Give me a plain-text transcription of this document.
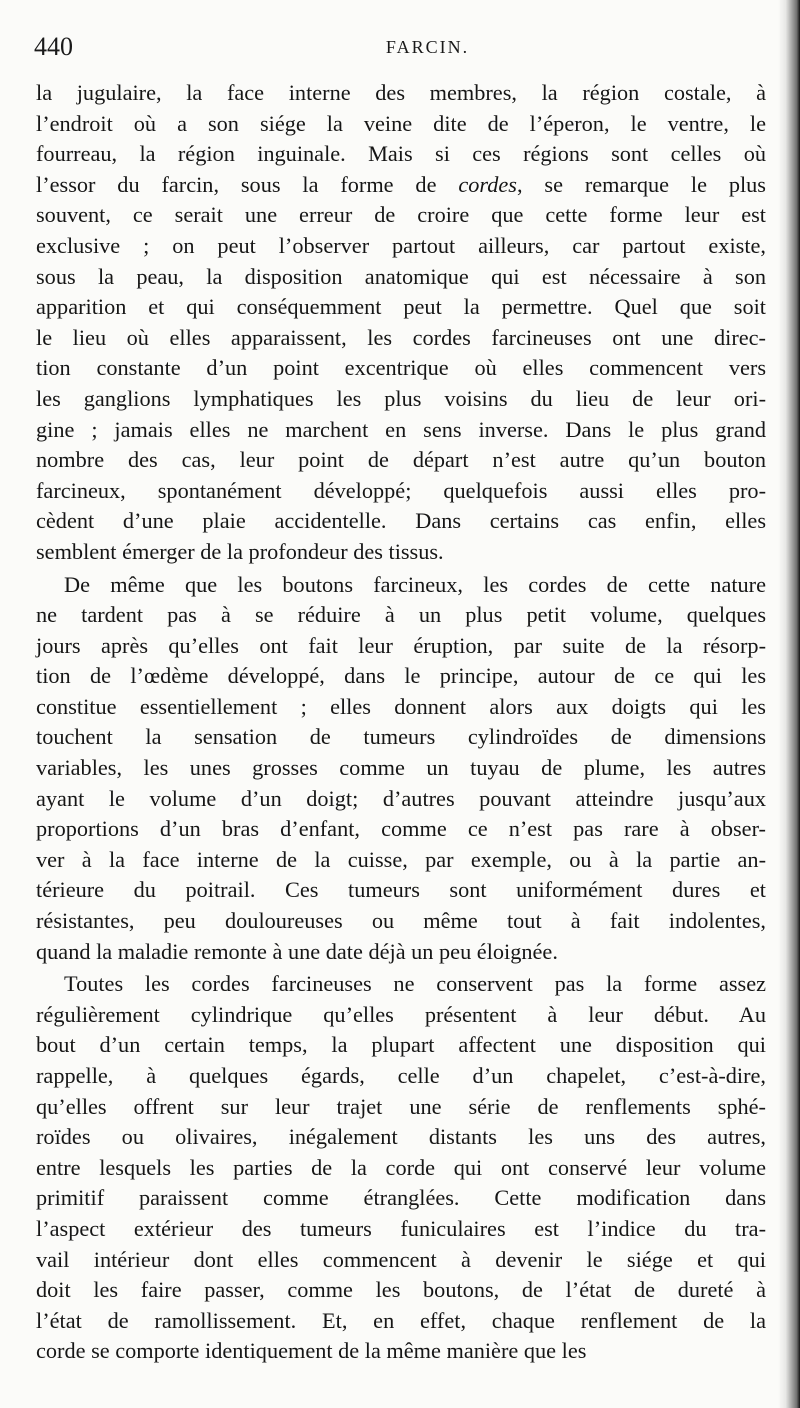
440	FARCIN.
la jugulaire, la face interne des membres, la région costale, à
l’endroit où a son siége la veine dite de l’éperon, le ventre, le
fourreau, la région inguinale. Mais si ces régions sont celles où
l’essor du farcin, sous la forme de cordes, se remarque le plus
souvent, ce serait une erreur de croire que cette forme leur est
exclusive ; on peut l’observer partout ailleurs, car partout existe,
sous la peau, la disposition anatomique qui est nécessaire à son
apparition et qui conséquemment peut la permettre. Quel que soit
le lieu où elles apparaissent, les cordes farcineuses ont une direc-
tion constante d’un point excentrique où elles commencent vers
les ganglions lymphatiques les plus voisins du lieu de leur ori-
gine ; jamais elles ne marchent en sens inverse. Dans le plus grand
nombre des cas, leur point de départ n’est autre qu’un bouton
farcineux, spontanément développé; quelquefois aussi elles pro-
cèdent d’une plaie accidentelle. Dans certains cas enfin, elles
semblent émerger de la profondeur des tissus.
De même que les boutons farcineux, les cordes de cette nature
ne tardent pas à se réduire à un plus petit volume, quelques
jours après qu’elles ont fait leur éruption, par suite de la résorp-
tion de l’œdème développé, dans le principe, autour de ce qui les
constitue essentiellement ; elles donnent alors aux doigts qui les
touchent la sensation de tumeurs cylindroïdes de dimensions
variables, les unes grosses comme un tuyau de plume, les autres
ayant le volume d’un doigt; d’autres pouvant atteindre jusqu’aux
proportions d’un bras d’enfant, comme ce n’est pas rare à obser-
ver à la face interne de la cuisse, par exemple, ou à la partie an-
térieure du poitrail. Ces tumeurs sont uniformément dures et
résistantes, peu douloureuses ou même tout à fait indolentes,
quand la maladie remonte à une date déjà un peu éloignée.
Toutes les cordes farcineuses ne conservent pas la forme assez
régulièrement cylindrique qu’elles présentent à leur début. Au
bout d’un certain temps, la plupart affectent une disposition qui
rappelle, à quelques égards, celle d’un chapelet, c’est-à-dire,
qu’elles offrent sur leur trajet une série de renflements sphé-
roïdes ou olivaires, inégalement distants les uns des autres,
entre lesquels les parties de la corde qui ont conservé leur volume
primitif paraissent comme étranglées. Cette modification dans
l’aspect extérieur des tumeurs funiculaires est l’indice du tra-
vail intérieur dont elles commencent à devenir le siége et qui
doit les faire passer, comme les boutons, de l’état de dureté à
l’état de ramollissement. Et, en effet, chaque renflement de la
corde se comporte identiquement de la même manière que les
